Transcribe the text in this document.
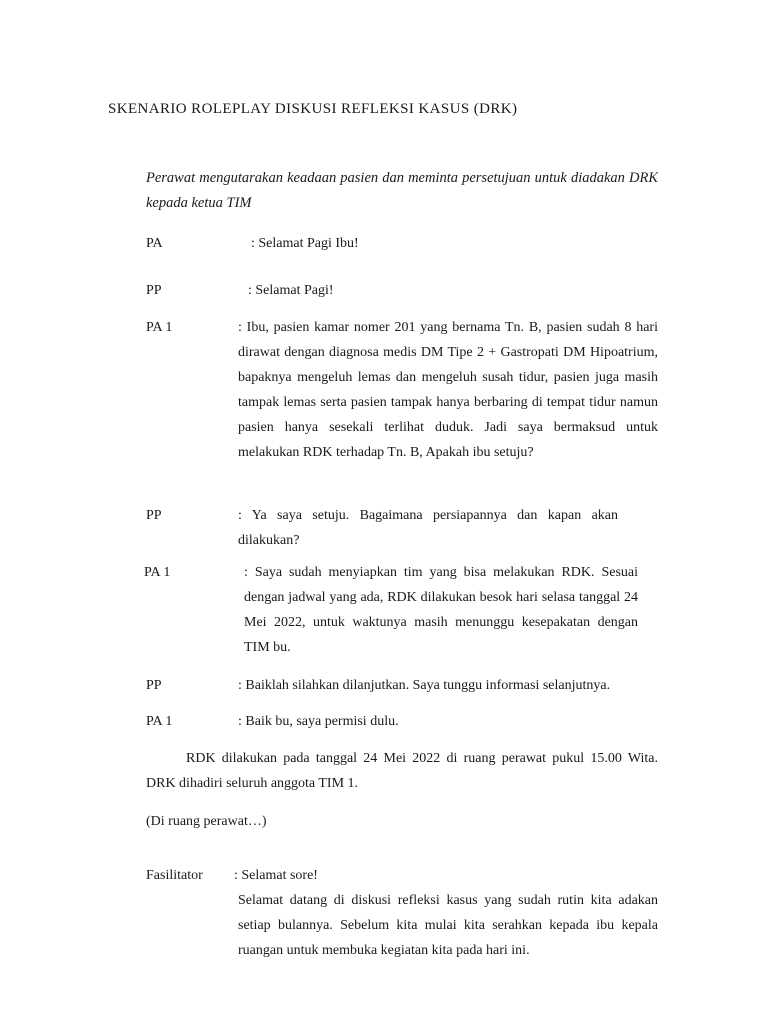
SKENARIO ROLEPLAY DISKUSI REFLEKSI KASUS (DRK)
Perawat mengutarakan keadaan pasien dan meminta persetujuan untuk diadakan DRK kepada ketua TIM
PA	: Selamat Pagi Ibu!
PP	: Selamat Pagi!
PA 1	: Ibu, pasien kamar nomer 201 yang bernama Tn. B, pasien sudah 8 hari dirawat dengan diagnosa medis DM Tipe 2 + Gastropati DM Hipoatrium, bapaknya mengeluh lemas dan mengeluh susah tidur, pasien juga masih tampak lemas serta pasien tampak hanya berbaring di tempat tidur namun pasien hanya sesekali terlihat duduk. Jadi saya bermaksud untuk melakukan RDK terhadap Tn. B, Apakah ibu setuju?
PP	: Ya saya setuju. Bagaimana persiapannya dan kapan akan dilakukan?
PA 1	: Saya sudah menyiapkan tim yang bisa melakukan RDK. Sesuai dengan jadwal yang ada, RDK dilakukan besok hari selasa tanggal 24 Mei 2022, untuk waktunya masih menunggu kesepakatan dengan TIM bu.
PP	: Baiklah silahkan dilanjutkan. Saya tunggu informasi selanjutnya.
PA 1	: Baik bu, saya permisi dulu.
RDK dilakukan pada tanggal 24 Mei 2022 di ruang perawat pukul 15.00 Wita. DRK dihadiri seluruh anggota TIM 1.
(Di ruang perawat…)
Fasilitator : Selamat sore!
Selamat datang di diskusi refleksi kasus yang sudah rutin kita adakan setiap bulannya. Sebelum kita mulai kita serahkan kepada ibu kepala ruangan untuk membuka kegiatan kita pada hari ini.
